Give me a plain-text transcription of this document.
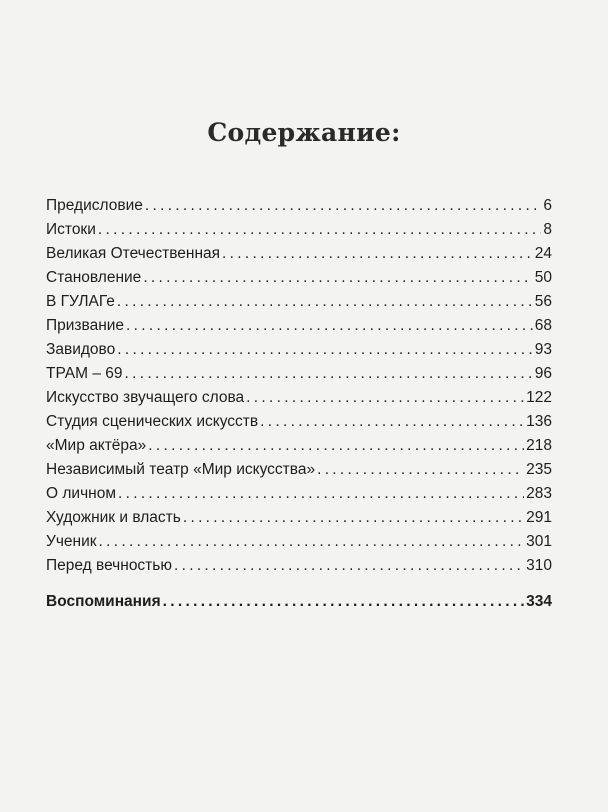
Содержание:
Предисловие . . .	6
Истоки . . .	8
Великая Отечественная . . .	24
Становление . . .	50
В ГУЛАГе . . .	56
Призвание . . .	68
Завидово . . .	93
ТРАМ – 69 . . .	96
Искусство звучащего слова . . .	122
Студия сценических искусств . . .	136
«Мир актёра» . . .	218
Независимый театр «Мир искусства» . . .	235
О личном . . .	283
Художник и власть . . .	291
Ученик . . .	301
Перед вечностью . . .	310
Воспоминания . . .	334
